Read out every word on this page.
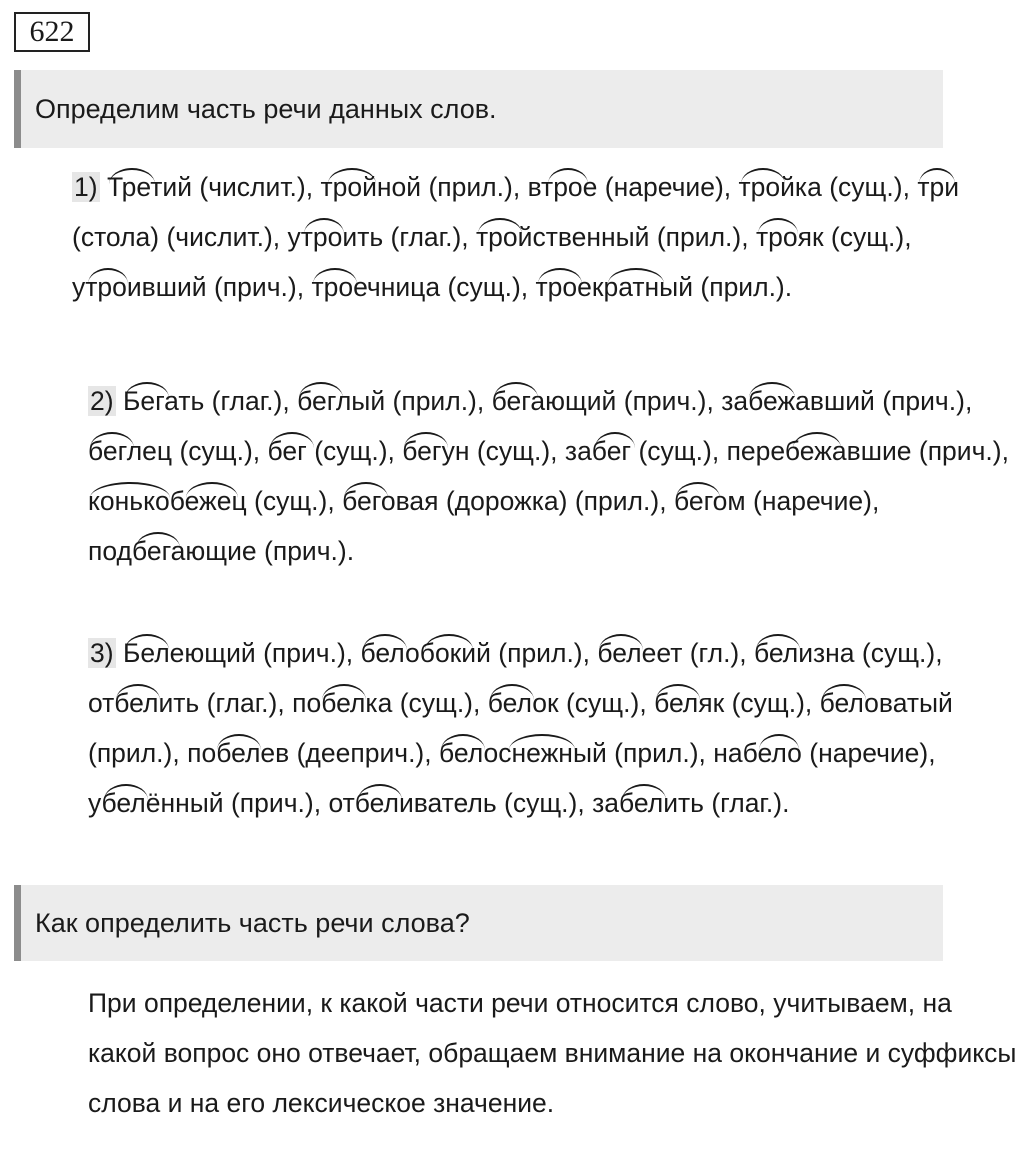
622
Определим часть речи данных слов.

1) Третий (числит.), тройной (прил.), втрое (наречие), тройка (сущ.), три (стола) (числит.), утроить (глаг.), тройственный (прил.), трояк (сущ.),
утроивший (прич.), троечница (сущ.), троекратный (прил.).

2) Бегать (глаг.), беглый (прил.), бегающий (прич.), забежавший (прич.),
беглец (сущ.), бег (сущ.), бегун (сущ.), забег (сущ.), перебежавшие (прич.),
конькобежец (сущ.), беговая (дорожка) (прил.), бегом (наречие),
подбегающие (прич.).

3) Белеющий (прич.), белобокий (прил.), белеет (гл.), белизна (сущ.),
отбелить (глаг.), побелка (сущ.), белок (сущ.), беляк (сущ.), беловатый (прил.), побелев (дееприч.), белоснежный (прил.), набело (наречие),
убелённый (прич.), отбеливатель (сущ.), забелить (глаг.).

Как определить часть речи слова?

При определении, к какой части речи относится слово, учитываем, на какой вопрос оно отвечает, обращаем внимание на окончание и суффиксы слова и на его лексическое значение.
